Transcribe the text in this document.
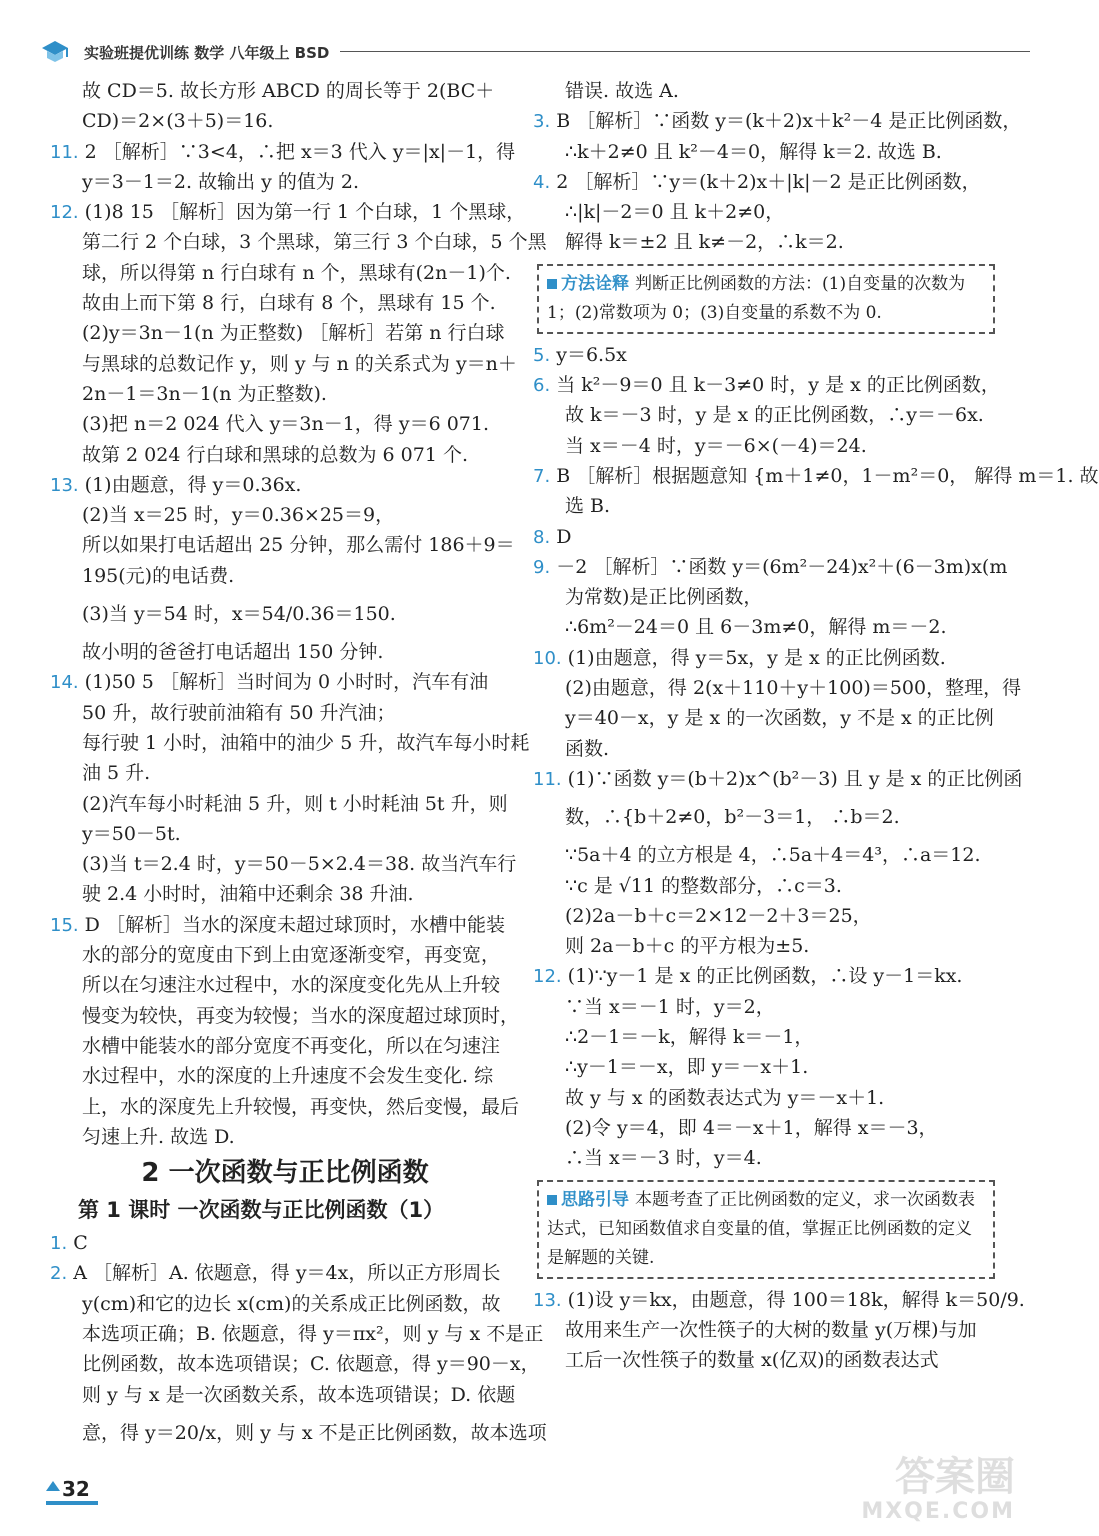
实验班提优训练 数学 八年级上 BSD
故 CD＝5. 故长方形 ABCD 的周长等于 2(BC＋
CD)＝2×(3＋5)＝16.
11. 2 ［解析］∵3<4，∴把 x＝3 代入 y＝|x|－1，得
y＝3－1＝2. 故输出 y 的值为 2.
12. (1)8 15 ［解析］因为第一行 1 个白球，1 个黑球，
第二行 2 个白球，3 个黑球，第三行 3 个白球，5 个黑
球，所以得第 n 行白球有 n 个，黑球有(2n－1)个.
故由上而下第 8 行，白球有 8 个，黑球有 15 个.
(2)y＝3n－1(n 为正整数) ［解析］若第 n 行白球
与黑球的总数记作 y，则 y 与 n 的关系式为 y＝n＋
2n－1＝3n－1(n 为正整数).
(3)把 n＝2 024 代入 y＝3n－1，得 y＝6 071.
故第 2 024 行白球和黑球的总数为 6 071 个.
13. (1)由题意，得 y＝0.36x.
(2)当 x＝25 时，y＝0.36×25＝9，
所以如果打电话超出 25 分钟，那么需付 186＋9＝
195(元)的电话费.
(3)当 y＝54 时，x＝54/0.36＝150.
故小明的爸爸打电话超出 150 分钟.
14. (1)50 5 ［解析］当时间为 0 小时时，汽车有油
50 升，故行驶前油箱有 50 升汽油；
每行驶 1 小时，油箱中的油少 5 升，故汽车每小时耗
油 5 升.
(2)汽车每小时耗油 5 升，则 t 小时耗油 5t 升，则
y＝50－5t.
(3)当 t＝2.4 时，y＝50－5×2.4＝38. 故当汽车行
驶 2.4 小时时，油箱中还剩余 38 升油.
15. D ［解析］当水的深度未超过球顶时，水槽中能装
水的部分的宽度由下到上由宽逐渐变窄，再变宽，
所以在匀速注水过程中，水的深度变化先从上升较
慢变为较快，再变为较慢；当水的深度超过球顶时，
水槽中能装水的部分宽度不再变化，所以在匀速注
水过程中，水的深度的上升速度不会发生变化. 综
上，水的深度先上升较慢，再变快，然后变慢，最后
匀速上升. 故选 D.
2 一次函数与正比例函数
第 1 课时 一次函数与正比例函数（1）
1. C
2. A ［解析］A. 依题意，得 y＝4x，所以正方形周长
y(cm)和它的边长 x(cm)的关系成正比例函数，故
本选项正确；B. 依题意，得 y＝πx²，则 y 与 x 不是正
比例函数，故本选项错误；C. 依题意，得 y＝90－x，
则 y 与 x 是一次函数关系，故本选项错误；D. 依题
意，得 y＝20/x，则 y 与 x 不是正比例函数，故本选项
错误. 故选 A.
3. B ［解析］∵函数 y＝(k＋2)x＋k²－4 是正比例函数，
∴k＋2≠0 且 k²－4＝0，解得 k＝2. 故选 B.
4. 2 ［解析］∵y＝(k＋2)x＋|k|－2 是正比例函数，
∴|k|－2＝0 且 k＋2≠0，
解得 k＝±2 且 k≠－2，∴k＝2.
方法诠释 判断正比例函数的方法：(1)自变量的次数为 1；(2)常数项为 0；(3)自变量的系数不为 0.
5. y＝6.5x
6. 当 k²－9＝0 且 k－3≠0 时，y 是 x 的正比例函数，
故 k＝－3 时，y 是 x 的正比例函数，∴y＝－6x.
当 x＝－4 时，y＝－6×(－4)＝24.
7. B ［解析］根据题意知 {m＋1≠0，1－m²＝0， 解得 m＝1. 故
选 B.
8. D
9. －2 ［解析］∵函数 y＝(6m²－24)x²＋(6－3m)x(m
为常数)是正比例函数，
∴6m²－24＝0 且 6－3m≠0，解得 m＝－2.
10. (1)由题意，得 y＝5x，y 是 x 的正比例函数.
(2)由题意，得 2(x＋110＋y＋100)＝500，整理，得
y＝40－x，y 是 x 的一次函数，y 不是 x 的正比例
函数.
11. (1)∵函数 y＝(b＋2)x^(b²－3) 且 y 是 x 的正比例函
数，∴{b＋2≠0，b²－3＝1， ∴b＝2.
∵5a＋4 的立方根是 4，∴5a＋4＝4³，∴a＝12.
∵c 是 √11 的整数部分，∴c＝3.
(2)2a－b＋c＝2×12－2＋3＝25，
则 2a－b＋c 的平方根为±5.
12. (1)∵y－1 是 x 的正比例函数，∴设 y－1＝kx.
∵当 x＝－1 时，y＝2，
∴2－1＝－k，解得 k＝－1，
∴y－1＝－x，即 y＝－x＋1.
故 y 与 x 的函数表达式为 y＝－x＋1.
(2)令 y＝4，即 4＝－x＋1，解得 x＝－3，
∴当 x＝－3 时，y＝4.
思路引导 本题考查了正比例函数的定义，求一次函数表达式，已知函数值求自变量的值，掌握正比例函数的定义是解题的关键.
13. (1)设 y＝kx，由题意，得 100＝18k，解得 k＝50/9.
故用来生产一次性筷子的大树的数量 y(万棵)与加
工后一次性筷子的数量 x(亿双)的函数表达式
32	答案圈
MXQE.COM
